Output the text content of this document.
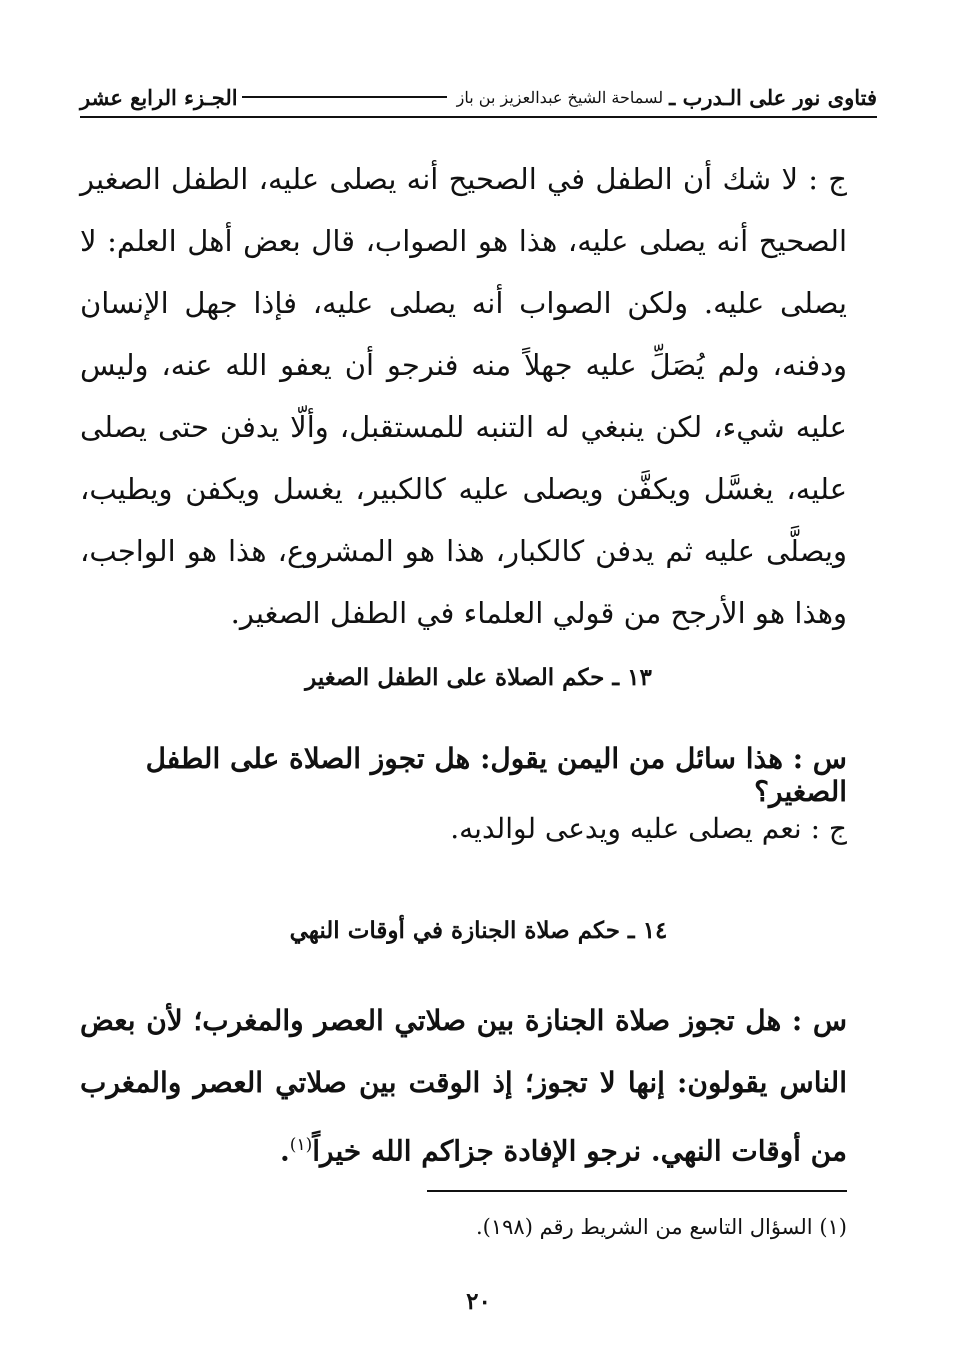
فتاوى نور على الـدرب ـ
لسماحة الشيخ عبدالعزيز بن باز
الجـزء الرابع عشر
ج : لا شك أن الطفل في الصحيح أنه يصلى عليه، الطفل الصغير الصحيح أنه يصلى عليه، هذا هو الصواب، قال بعض أهل العلم: لا يصلى عليه. ولكن الصواب أنه يصلى عليه، فإذا جهل الإنسان ودفنه، ولم يُصَلِّ عليه جهلاً منه فنرجو أن يعفو الله عنه، وليس عليه شيء، لكن ينبغي له التنبه للمستقبل، وألّا يدفن حتى يصلى عليه، يغسَّل ويكفَّن ويصلى عليه كالكبير، يغسل ويكفن ويطيب، ويصلَّى عليه ثم يدفن كالكبار، هذا هو المشروع، هذا هو الواجب، وهذا هو الأرجح من قولي العلماء في الطفل الصغير.
١٣ ـ حكم الصلاة على الطفل الصغير
س : هذا سائل من اليمن يقول: هل تجوز الصلاة على الطفل الصغير؟
ج : نعم يصلى عليه ويدعى لوالديه.
١٤ ـ حكم صلاة الجنازة في أوقات النهي
س : هل تجوز صلاة الجنازة بين صلاتي العصر والمغرب؛ لأن بعض الناس يقولون: إنها لا تجوز؛ إذ الوقت بين صلاتي العصر والمغرب من أوقات النهي. نرجو الإفادة جزاكم الله خيراً$^{(١)}$.
(١) السؤال التاسع من الشريط رقم (١٩٨).
٢٠
